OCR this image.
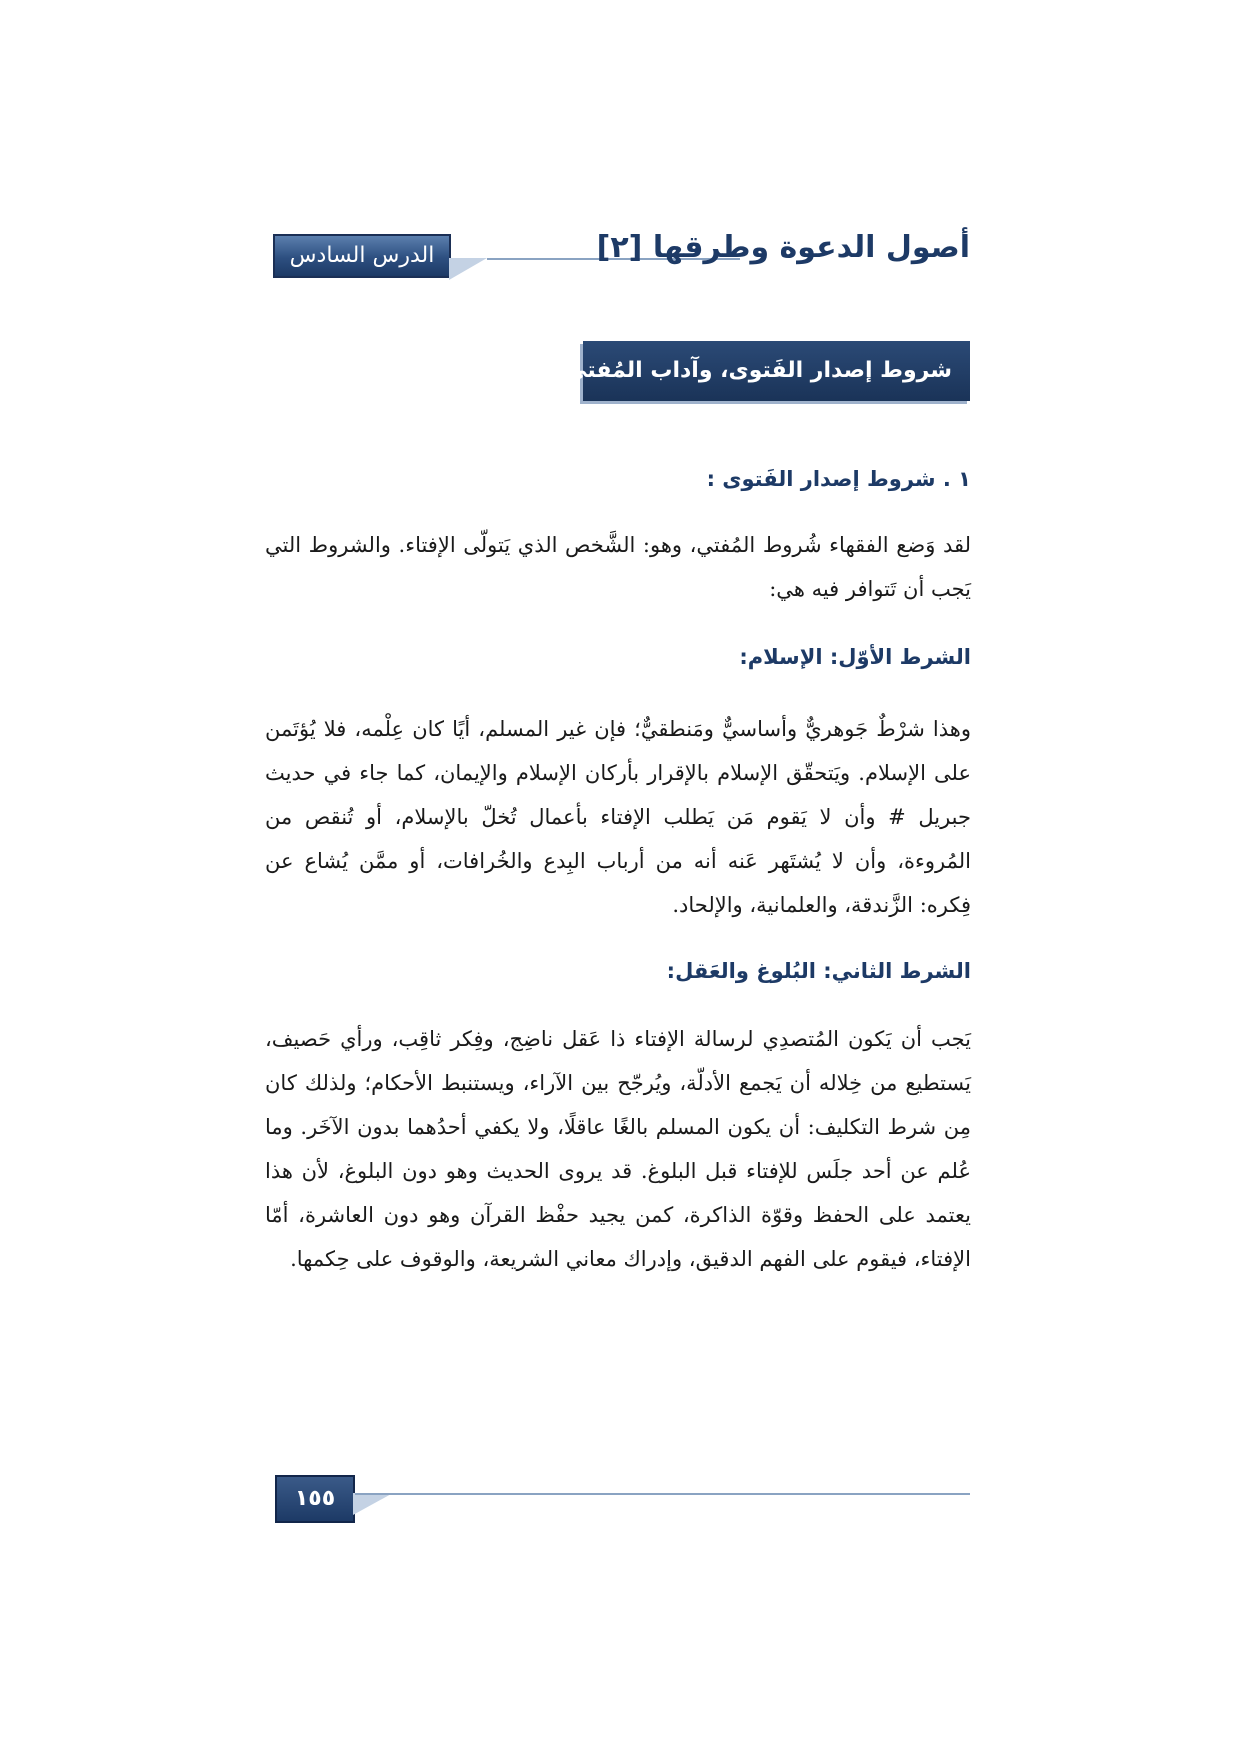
الدرس السادس	أصول الدعوة وطرقها [٢]
شروط إصدار الفَتوى، وآداب المُفتي والمُسْتفتي
١ . شروط إصدار الفَتوى :

لقد وَضع الفقهاء شُروط المُفتي، وهو: الشَّخص الذي يَتولّى الإفتاء. والشروط التي يَجب أن تَتوافر فيه هي:

الشرط الأوّل: الإسلام:

وهذا شرْطٌ جَوهريٌّ وأساسيٌّ ومَنطقيٌّ؛ فإن غير المسلم، أيًا كان عِلْمه، فلا يُؤتَمن على الإسلام. ويَتحقّق الإسلام بالإقرار بأركان الإسلام والإيمان، كما جاء في حديث جبريل # وأن لا يَقوم مَن يَطلب الإفتاء بأعمال تُخلّ بالإسلام، أو تُنقص من المُروءة، وأن لا يُشتَهر عَنه أنه من أرباب البِدع والخُرافات، أو ممَّن يُشاع عن فِكره: الزَّندقة، والعلمانية، والإلحاد.

الشرط الثاني: البُلوغ والعَقل:

يَجب أن يَكون المُتصدِي لرسالة الإفتاء ذا عَقل ناضِج، وفِكر ثاقِب، ورأي حَصيف، يَستطيع من خِلاله أن يَجمع الأدلّة، ويُرجّح بين الآراء، ويستنبط الأحكام؛ ولذلك كان مِن شرط التكليف: أن يكون المسلم بالغًا عاقلًا، ولا يكفي أحدُهما بدون الآخَر. وما عُلم عن أحد جلَس للإفتاء قبل البلوغ. قد يروى الحديث وهو دون البلوغ، لأن هذا يعتمد على الحفظ وقوّة الذاكرة، كمن يجيد حفْظ القرآن وهو دون العاشرة، أمّا الإفتاء، فيقوم على الفهم الدقيق، وإدراك معاني الشريعة، والوقوف على حِكمها.

١٥٥
